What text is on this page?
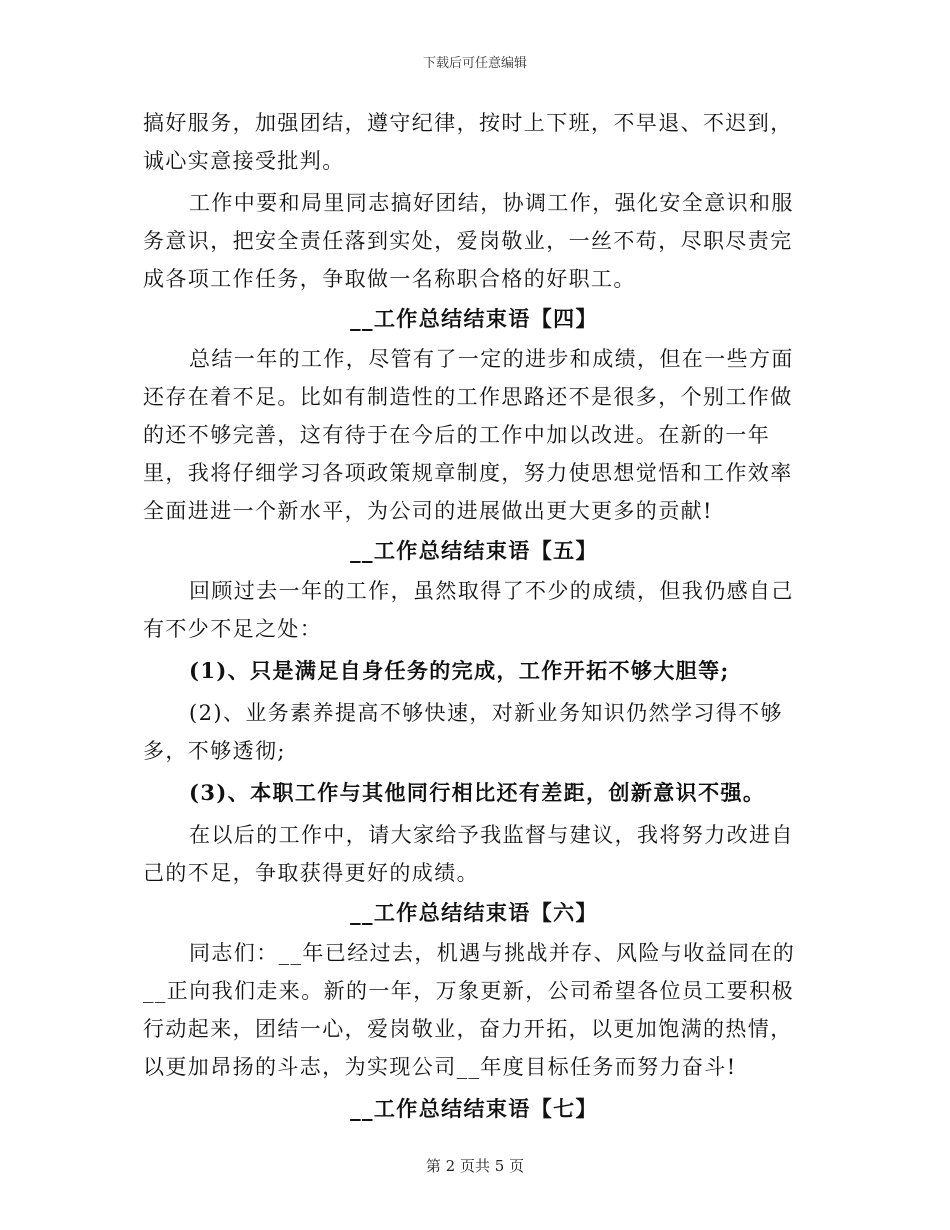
下载后可任意编辑

搞好服务，加强团结，遵守纪律，按时上下班，不早退、不迟到，诚心实意接受批判。

工作中要和局里同志搞好团结，协调工作，强化安全意识和服务意识，把安全责任落到实处，爱岗敬业，一丝不苟，尽职尽责完成各项工作任务，争取做一名称职合格的好职工。

__工作总结结束语【四】

总结一年的工作，尽管有了一定的进步和成绩，但在一些方面还存在着不足。比如有制造性的工作思路还不是很多，个别工作做的还不够完善，这有待于在今后的工作中加以改进。在新的一年里，我将仔细学习各项政策规章制度，努力使思想觉悟和工作效率全面进进一个新水平，为公司的进展做出更大更多的贡献!

__工作总结结束语【五】

回顾过去一年的工作，虽然取得了不少的成绩，但我仍感自己有不少不足之处：

(1)、只是满足自身任务的完成，工作开拓不够大胆等;

(2)、业务素养提高不够快速，对新业务知识仍然学习得不够多，不够透彻;

(3)、本职工作与其他同行相比还有差距，创新意识不强。

在以后的工作中，请大家给予我监督与建议，我将努力改进自己的不足，争取获得更好的成绩。

__工作总结结束语【六】

同志们：__年已经过去，机遇与挑战并存、风险与收益同在的__正向我们走来。新的一年，万象更新，公司希望各位员工要积极行动起来，团结一心，爱岗敬业，奋力开拓，以更加饱满的热情，以更加昂扬的斗志，为实现公司__年度目标任务而努力奋斗!

__工作总结结束语【七】
第 2 页共 5 页
